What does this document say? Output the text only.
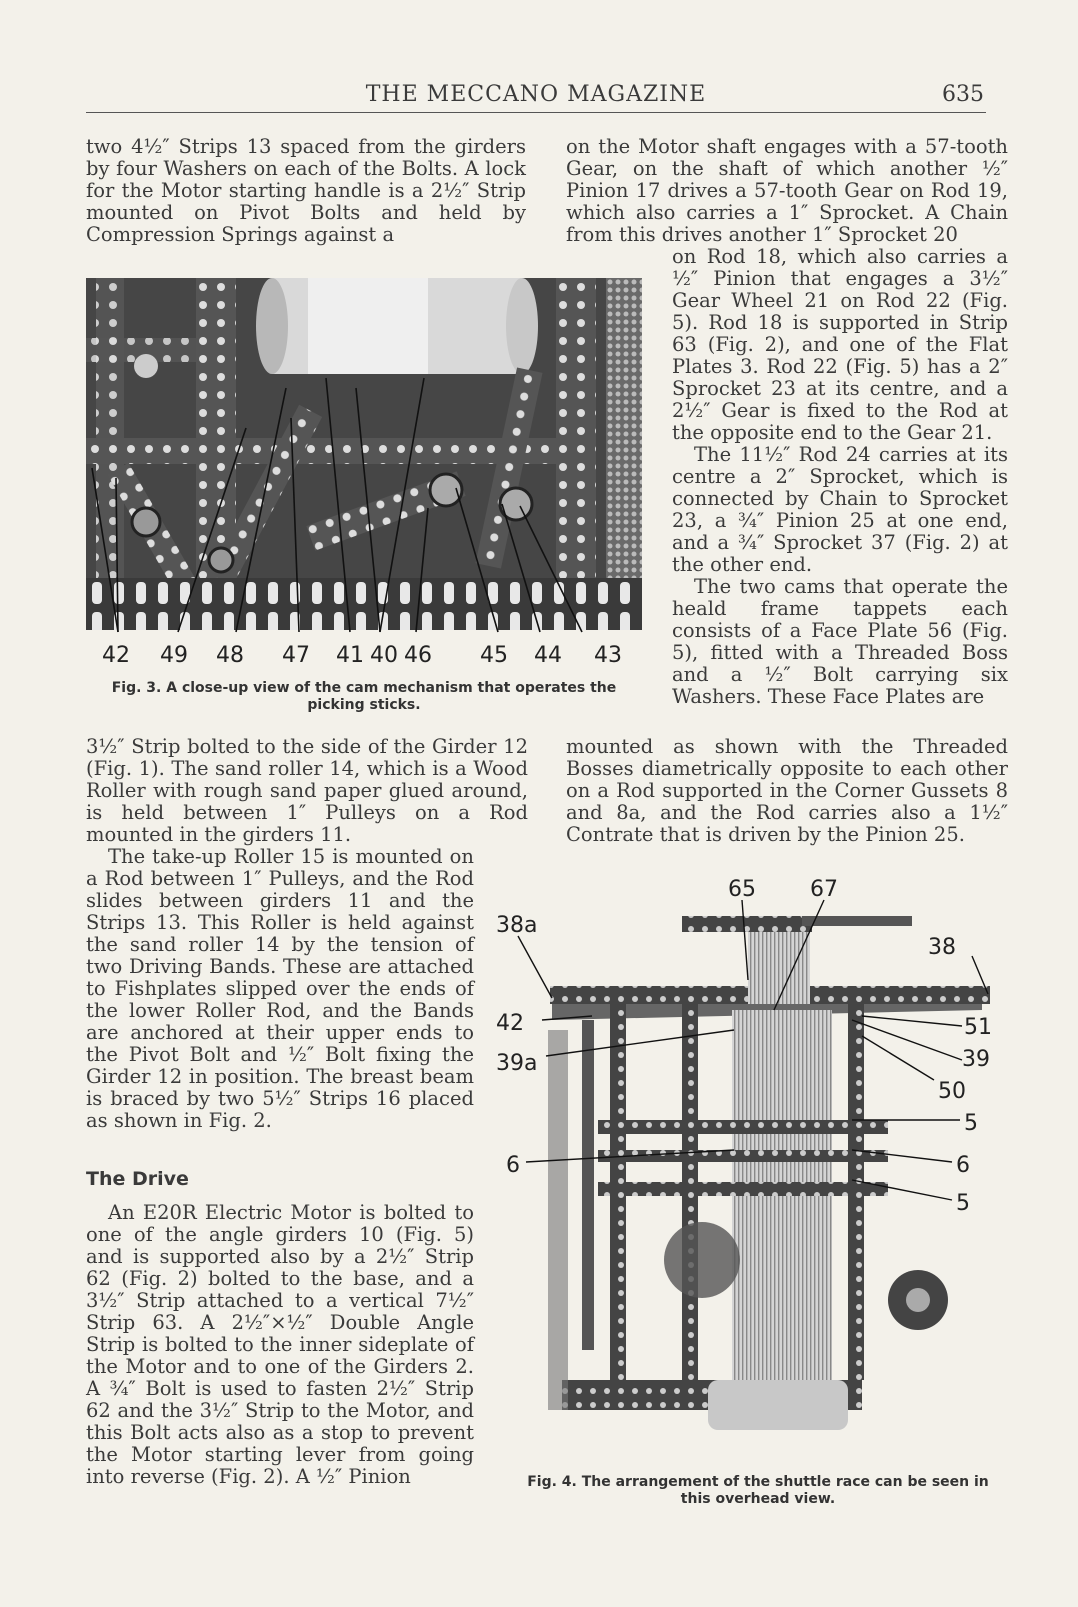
THE MECCANO MAGAZINE	635

two 4½″ Strips 13 spaced from the girders by four Washers on each of the Bolts. A lock for the Motor starting handle is a 2½″ Strip mounted on Pivot Bolts and held by Compression Springs against a

on the Motor shaft engages with a 57-tooth Gear, on the shaft of which another ½″ Pinion 17 drives a 57-tooth Gear on Rod 19, which also carries a 1″ Sprocket. A Chain from this drives another 1″ Sprocket 20

on Rod 18, which also carries a ½″ Pinion that engages a 3½″ Gear Wheel 21 on Rod 22 (Fig. 5). Rod 18 is supported in Strip 63 (Fig. 2), and one of the Flat Plates 3. Rod 22 (Fig. 5) has a 2″ Sprocket 23 at its centre, and a 2½″ Gear is fixed to the Rod at the opposite end to the Gear 21.

The 11½″ Rod 24 carries at its centre a 2″ Sprocket, which is connected by Chain to Sprocket 23, a ¾″ Pinion 25 at one end, and a ¾″ Sprocket 37 (Fig. 2) at the other end.

The two cams that operate the heald frame tappets each consists of a Face Plate 56 (Fig. 5), fitted with a Threaded Boss and a ½″ Bolt carrying six Washers. These Face Plates are

mounted as shown with the Threaded Bosses diametrically opposite to each other on a Rod supported in the Corner Gussets 8 and 8a, and the Rod carries also a 1½″ Contrate that is driven by the Pinion 25.

42 49 48 47 41 40 46 45 44 43
Fig. 3. A close-up view of the cam mechanism that operates the picking sticks.

3½″ Strip bolted to the side of the Girder 12 (Fig. 1). The sand roller 14, which is a Wood Roller with rough sand paper glued around, is held between 1″ Pulleys on a Rod mounted in the girders 11.

The take-up Roller 15 is mounted on a Rod between 1″ Pulleys, and the Rod slides between girders 11 and the Strips 13. This Roller is held against the sand roller 14 by the tension of two Driving Bands. These are attached to Fishplates slipped over the ends of the lower Roller Rod, and the Bands are anchored at their upper ends to the Pivot Bolt and ½″ Bolt fixing the Girder 12 in position. The breast beam is braced by two 5½″ Strips 16 placed as shown in Fig. 2.

The Drive

An E20R Electric Motor is bolted to one of the angle girders 10 (Fig. 5) and is supported also by a 2½″ Strip 62 (Fig. 2) bolted to the base, and a 3½″ Strip attached to a vertical 7½″ Strip 63. A 2½″×½″ Double Angle Strip is bolted to the inner sideplate of the Motor and to one of the Girders 2. A ¾″ Bolt is used to fasten 2½″ Strip 62 and the 3½″ Strip to the Motor, and this Bolt acts also as a stop to prevent the Motor starting lever from going into reverse (Fig. 2). A ½″ Pinion

65 67
38a
38
42	51
39a	39
50
5
6	6
5
Fig. 4. The arrangement of the shuttle race can be seen in
this overhead view.
